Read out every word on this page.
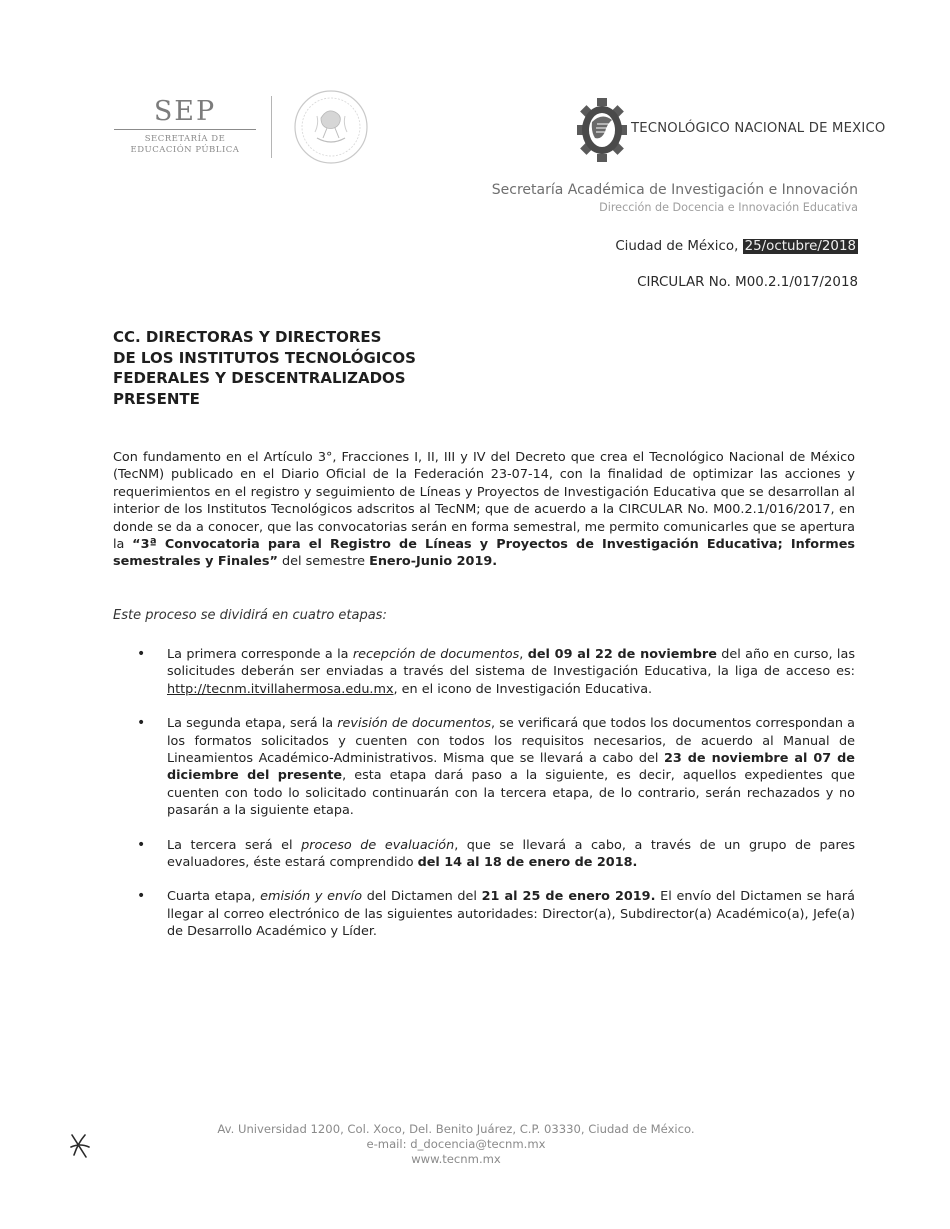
SEP
SECRETARÍA DE
EDUCACIÓN PÚBLICA
TECNOLÓGICO NACIONAL DE MEXICO
Secretaría Académica de Investigación e Innovación
Dirección de Docencia e Innovación Educativa
Ciudad de México, 25/octubre/2018
CIRCULAR No. M00.2.1/017/2018
CC. DIRECTORAS Y DIRECTORES
DE LOS INSTITUTOS TECNOLÓGICOS
FEDERALES Y DESCENTRALIZADOS
PRESENTE
Con fundamento en el Artículo 3°, Fracciones I, II, III y IV del Decreto que crea el Tecnológico Nacional de México (TecNM) publicado en el Diario Oficial de la Federación 23-07-14, con la finalidad de optimizar las acciones y requerimientos en el registro y seguimiento de Líneas y Proyectos de Investigación Educativa que se desarrollan al interior de los Institutos Tecnológicos adscritos al TecNM; que de acuerdo a la CIRCULAR No. M00.2.1/016/2017, en donde se da a conocer, que las convocatorias serán en forma semestral, me permito comunicarles que se apertura la “3ª Convocatoria para el Registro de Líneas y Proyectos de Investigación Educativa; Informes semestrales y Finales” del semestre Enero-Junio 2019.
Este proceso se dividirá en cuatro etapas:
• La primera corresponde a la recepción de documentos, del 09 al 22 de noviembre del año en curso, las solicitudes deberán ser enviadas a través del sistema de Investigación Educativa, la liga de acceso es: http://tecnm.itvillahermosa.edu.mx, en el icono de Investigación Educativa.
• La segunda etapa, será la revisión de documentos, se verificará que todos los documentos correspondan a los formatos solicitados y cuenten con todos los requisitos necesarios, de acuerdo al Manual de Lineamientos Académico-Administrativos. Misma que se llevará a cabo del 23 de noviembre al 07 de diciembre del presente, esta etapa dará paso a la siguiente, es decir, aquellos expedientes que cuenten con todo lo solicitado continuarán con la tercera etapa, de lo contrario, serán rechazados y no pasarán a la siguiente etapa.
• La tercera será el proceso de evaluación, que se llevará a cabo, a través de un grupo de pares evaluadores, éste estará comprendido del 14 al 18 de enero de 2018.
• Cuarta etapa, emisión y envío del Dictamen del 21 al 25 de enero 2019. El envío del Dictamen se hará llegar al correo electrónico de las siguientes autoridades: Director(a), Subdirector(a) Académico(a), Jefe(a) de Desarrollo Académico y Líder.
Av. Universidad 1200, Col. Xoco, Del. Benito Juárez, C.P. 03330, Ciudad de México.
e-mail: d_docencia@tecnm.mx
www.tecnm.mx
